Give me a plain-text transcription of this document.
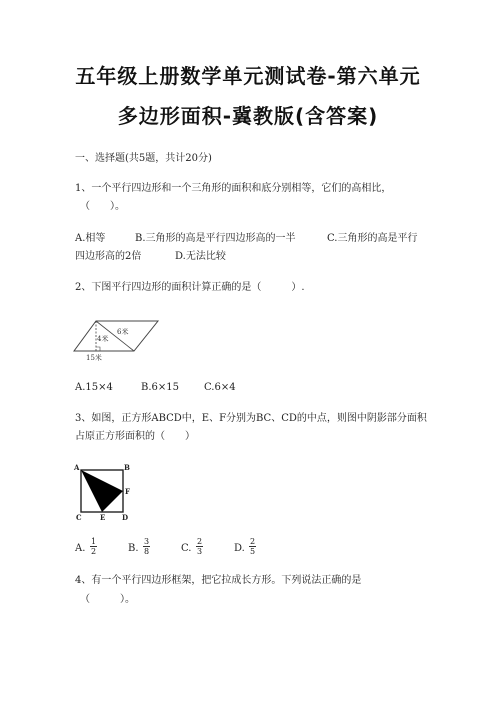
五年级上册数学单元测试卷-第六单元
多边形面积-冀教版(含答案)
一、选择题(共5题，共计20分)
1、一个平行四边形和一个三角形的面积和底分别相等，它们的高相比，
（　　）。
A.相等	B.三角形的高是平行四边形高的一半	C.三角形的高是平行
四边形高的2倍	D.无法比较
2、下图平行四边形的面积计算正确的是（　　　）.
6米
4米
15米
A.15×4	B.6×15	C.6×4
3、如图，正方形ABCD中，E、F分别为BC、CD的中点，则图中阴影部分面积
占原正方形面积的（　　）
A	B
F
C	E D
A. $\frac{1}{2}$	B. $\frac{3}{8}$	C. $\frac{2}{3}$	D. $\frac{2}{5}$
4、有一个平行四边形框架，把它拉成长方形。下列说法正确的是
（　　　）。
